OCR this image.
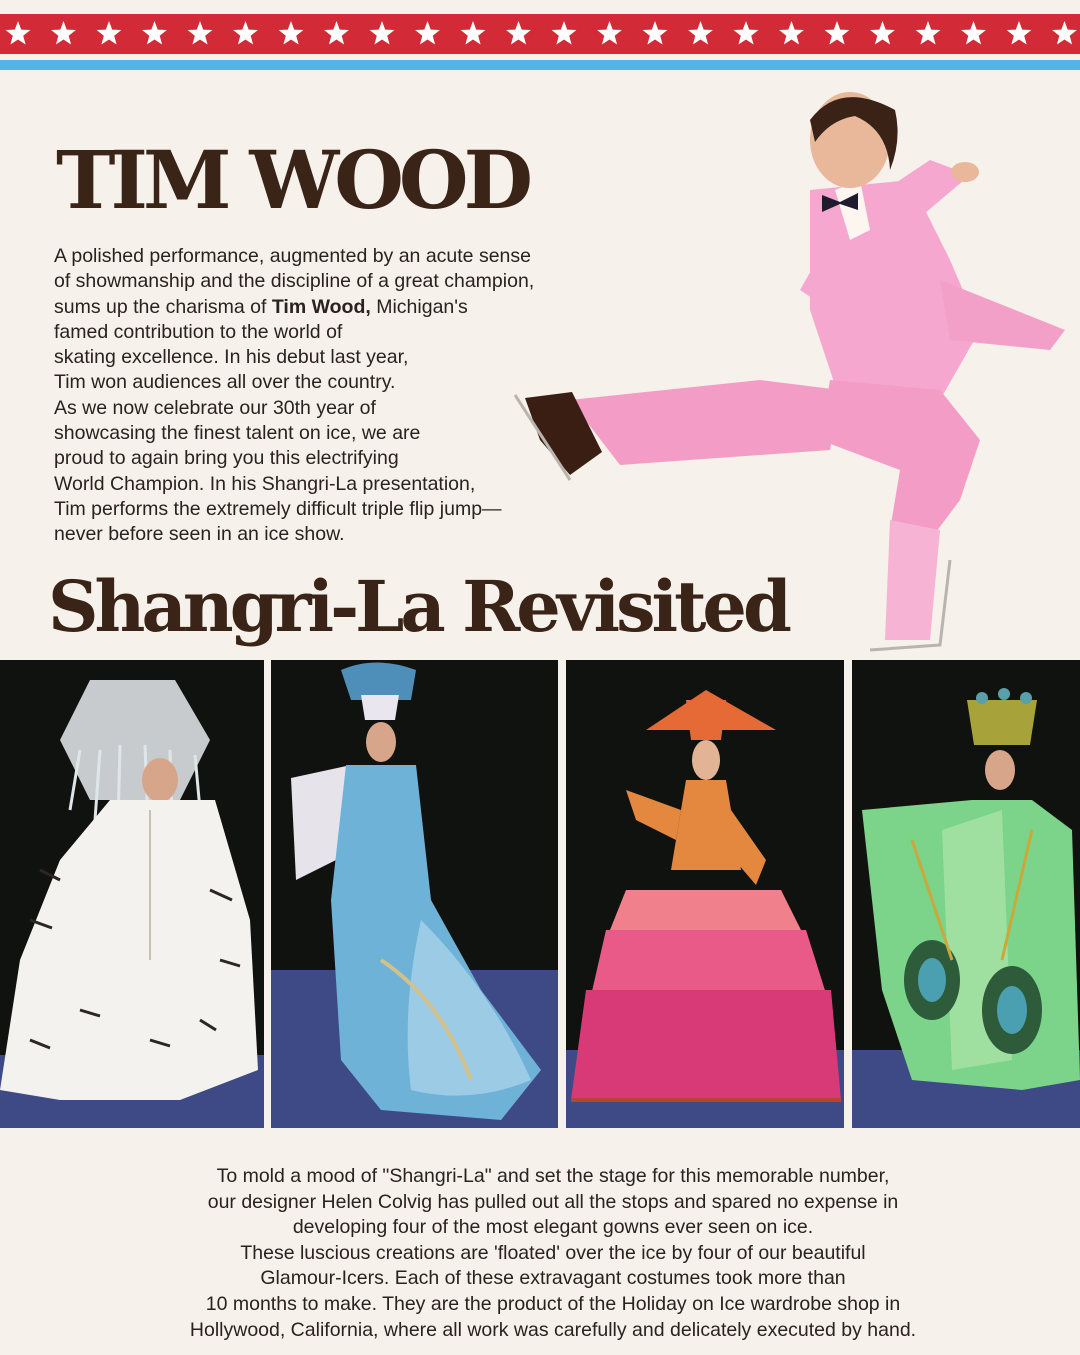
TIM WOOD

A polished performance, augmented by an acute sense
of showmanship and the discipline of a great champion,
sums up the charisma of Tim Wood, Michigan's
famed contribution to the world of
skating excellence. In his debut last year,
Tim won audiences all over the country.
As we now celebrate our 30th year of
showcasing the finest talent on ice, we are
proud to again bring you this electrifying
World Champion. In his Shangri-La presentation,
Tim performs the extremely difficult triple flip jump—
never before seen in an ice show.

Shangri-La Revisited

To mold a mood of "Shangri-La" and set the stage for this memorable number,
our designer Helen Colvig has pulled out all the stops and spared no expense in
developing four of the most elegant gowns ever seen on ice.
These luscious creations are 'floated' over the ice by four of our beautiful
Glamour-Icers. Each of these extravagant costumes took more than
10 months to make. They are the product of the Holiday on Ice wardrobe shop in
Hollywood, California, where all work was carefully and delicately executed by hand.
